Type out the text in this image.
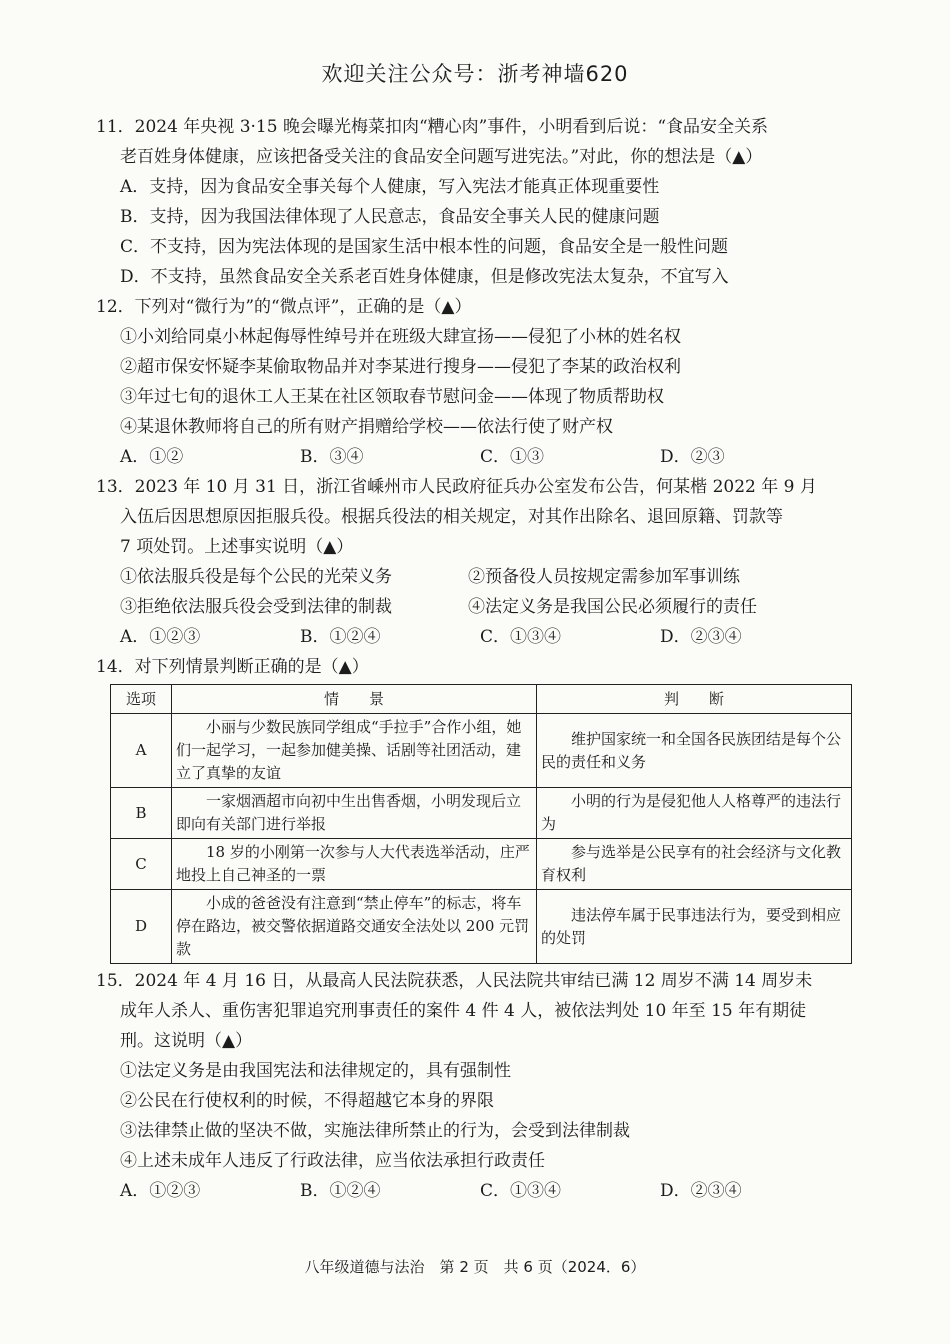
欢迎关注公众号：浙考神墙620
11．2024 年央视 3·15 晚会曝光梅菜扣肉“糟心肉”事件，小明看到后说：“食品安全关系
老百姓身体健康，应该把备受关注的食品安全问题写进宪法。”对此，你的想法是（▲）
A．支持，因为食品安全事关每个人健康，写入宪法才能真正体现重要性
B．支持，因为我国法律体现了人民意志，食品安全事关人民的健康问题
C．不支持，因为宪法体现的是国家生活中根本性的问题，食品安全是一般性问题
D．不支持，虽然食品安全关系老百姓身体健康，但是修改宪法太复杂，不宜写入
12．下列对“微行为”的“微点评”，正确的是（▲）
①小刘给同桌小林起侮辱性绰号并在班级大肆宣扬——侵犯了小林的姓名权
②超市保安怀疑李某偷取物品并对李某进行搜身——侵犯了李某的政治权利
③年过七旬的退休工人王某在社区领取春节慰问金——体现了物质帮助权
④某退休教师将自己的所有财产捐赠给学校——依法行使了财产权
A．①②	B．③④	C．①③	D．②③
13．2023 年 10 月 31 日，浙江省嵊州市人民政府征兵办公室发布公告，何某楷 2022 年 9 月
入伍后因思想原因拒服兵役。根据兵役法的相关规定，对其作出除名、退回原籍、罚款等
7 项处罚。上述事实说明（▲）
①依法服兵役是每个公民的光荣义务	②预备役人员按规定需参加军事训练
③拒绝依法服兵役会受到法律的制裁	④法定义务是我国公民必须履行的责任
A．①②③	B．①②④	C．①③④	D．②③④
14．对下列情景判断正确的是（▲）
选项	情　　景	判　　断
A	　　小丽与少数民族同学组成“手拉手”合作小组，她们一起学习，一起参加健美操、话剧等社团活动，建立了真挚的友谊	　　维护国家统一和全国各民族团结是每个公民的责任和义务
B	　　一家烟酒超市向初中生出售香烟，小明发现后立即向有关部门进行举报	　　小明的行为是侵犯他人人格尊严的违法行为
C	　　18 岁的小刚第一次参与人大代表选举活动，庄严地投上自己神圣的一票	　　参与选举是公民享有的社会经济与文化教育权利
D	　　小成的爸爸没有注意到“禁止停车”的标志，将车停在路边，被交警依据道路交通安全法处以 200 元罚款	　　违法停车属于民事违法行为，要受到相应的处罚
15．2024 年 4 月 16 日，从最高人民法院获悉，人民法院共审结已满 12 周岁不满 14 周岁未
成年人杀人、重伤害犯罪追究刑事责任的案件 4 件 4 人，被依法判处 10 年至 15 年有期徒
刑。这说明（▲）
①法定义务是由我国宪法和法律规定的，具有强制性
②公民在行使权利的时候，不得超越它本身的界限
③法律禁止做的坚决不做，实施法律所禁止的行为，会受到法律制裁
④上述未成年人违反了行政法律，应当依法承担行政责任
A．①②③	B．①②④	C．①③④	D．②③④
八年级道德与法治　第 2 页　共 6 页（2024．6）
